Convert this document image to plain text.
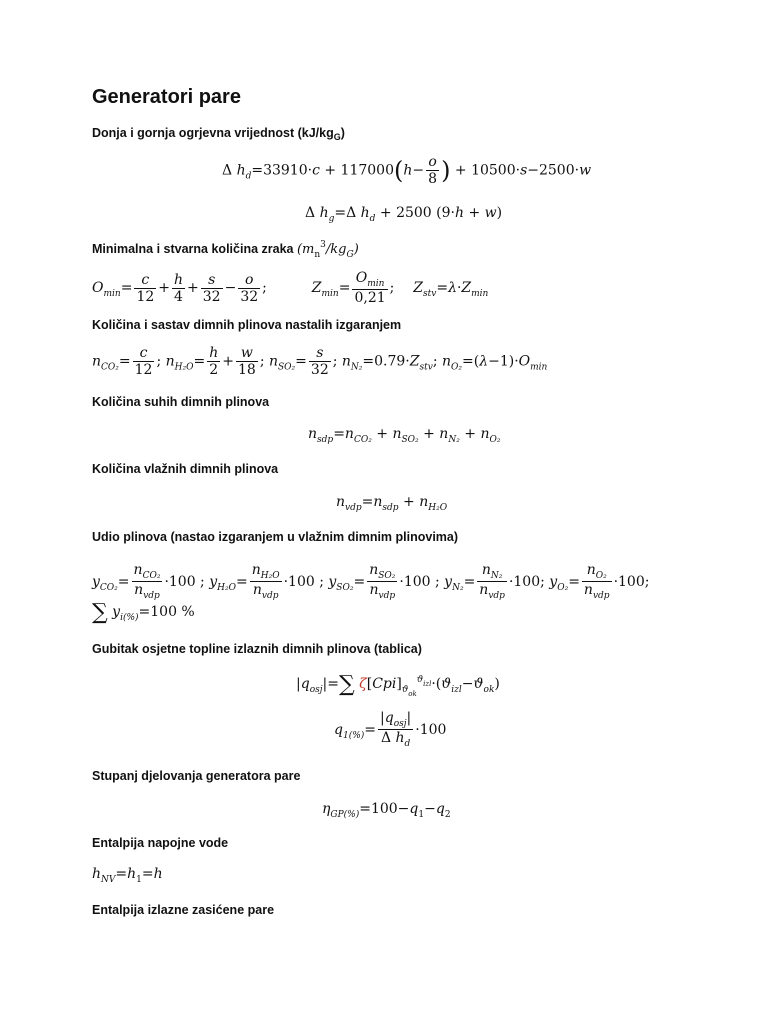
Generatori pare
Donja i gornja ogrjevna vrijednost $(kJ/kg_G)$
Δ $h_d=33910\cdot c + 117000(h- \frac{o}{8}$ ) + 10500·s−2500·w
Δ $h_g=\Delta$ $h_d + 2500$ (9·h + w)
Minimalna i stvarna količina zraka $(m_n^3/kg_G)$
$O_{min}= \frac{c}{12} + \frac{h}{4} + \frac{s}{32} - \frac{o}{32}$ ;	$Z_{min}= \frac{O_{min}}{0,21}$ ;  $Z_{stv}=\lambda\cdot Z_{min}$
Količina i sastav dimnih plinova nastalih izgaranjem
$n_{CO_2}= \frac{c}{12}$ ; $n_{H_2O}= \frac{h}{2} + \frac{w}{18}$ ; $n_{SO_2}= \frac{s}{32}$ ; $n_{N_2}=0.79\cdot Z_{stv}$; $n_{O_2}=(\lambda-1)\cdot O_{min}$
Količina suhih dimnih plinova
$n_{sdp}=n_{CO_2} + n_{SO_2} + n_{N_2} + n_{O_2}$
Količina vlažnih dimnih plinova
$n_{vdp}=n_{sdp} + n_{H_2O}$
Udio plinova (nastao izgaranjem u vlažnim dimnim plinovima)
$y_{CO_2}= \frac{n_{CO_2}}{n_{vdp}} \cdot 100$ ; $y_{H_2O}= \frac{n_{H_2O}}{n_{vdp}} \cdot 100$ ; $y_{SO_2}= \frac{n_{SO_2}}{n_{vdp}} \cdot 100$ ; $y_{N_2}= \frac{n_{N_2}}{n_{vdp}} \cdot 100$; $y_{O_2}= \frac{n_{O_2}}{n_{vdp}} \cdot 100$;
∑ $y_{i(\%)}=100$ %
Gubitak osjetne topline izlaznih dimnih plinova (tablica)
$|q_{osj}|=\sum$ $\zeta[Cpi]_{ϑ_{ok}}^{ϑ_{izl}}\cdot(ϑ_{izl}-ϑ_{ok})$
$q_{1(\%)}= \frac{|q_{osj}|}{\Delta h_d} \cdot 100$
Stupanj djelovanja generatora pare
$\eta_{GP(\%)}=100-q_1-q_2$
Entalpija napojne vode
$h_{NV}=h_1=h$
Entalpija izlazne zasićene pare
